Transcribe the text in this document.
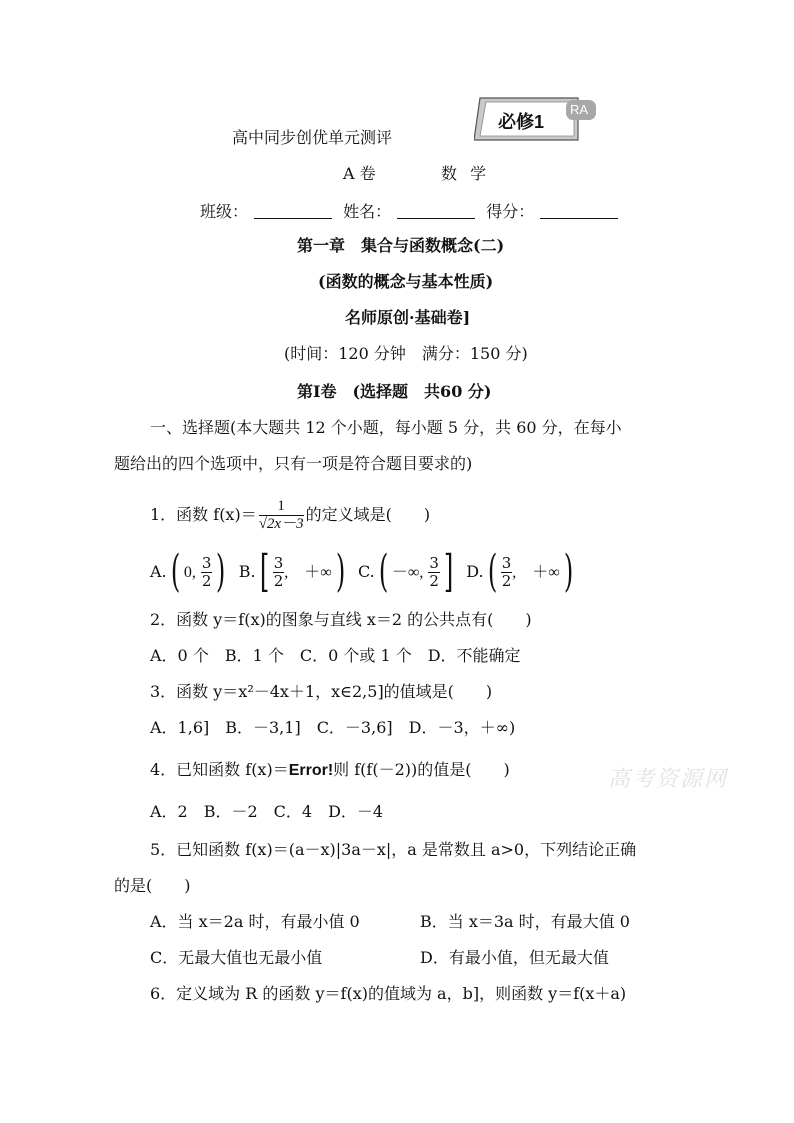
高中同步创优单元测评
必修1
RA
A 卷	数 学
班级：	姓名：	得分：
第一章　集合与函数概念(二)
(函数的概念与基本性质)
名师原创·基础卷]
(时间：120 分钟　满分：150 分)
第Ⅰ卷　(选择题　共60 分)
一、选择题(本大题共 12 个小题，每小题 5 分，共 60 分，在每小
题给出的四个选项中，只有一项是符合题目要求的)
1．函数 $f(x)= \frac{1}{√2x-3}$ 的定义域是(　　)
A.( 0, $\frac{3}{2}$ ) $B.[ \frac{3}{2}$ ,　＋∞) C.( －∞, $\frac{3}{2}$ ] $D.( \frac{3}{2}$ ,　＋∞)
2．函数 y＝f(x)的图象与直线 x＝2 的公共点有(　　)
A．0 个　B．1 个　C．0 个或 1 个　D．不能确定
3．函数 y＝x²－4x＋1，x∈2,5]的值域是(　　)
A．1,6]　B．－3,1]　C．－3,6]　D．－3，＋∞)
4．已知函数 f(x)＝Error!则 f(f(－2))的值是(　　)	高考资源网
A．2　B．－2　C．4　D．－4
5．已知函数 f(x)＝(a－x)|3a－x|，a 是常数且 a>0，下列结论正确
的是(　　)
A．当 x＝2a 时，有最小值 0	B．当 x＝3a 时，有最大值 0
C．无最大值也无最小值	D．有最小值，但无最大值
6．定义域为 R 的函数 y＝f(x)的值域为 a，b]，则函数 y＝f(x＋a)
